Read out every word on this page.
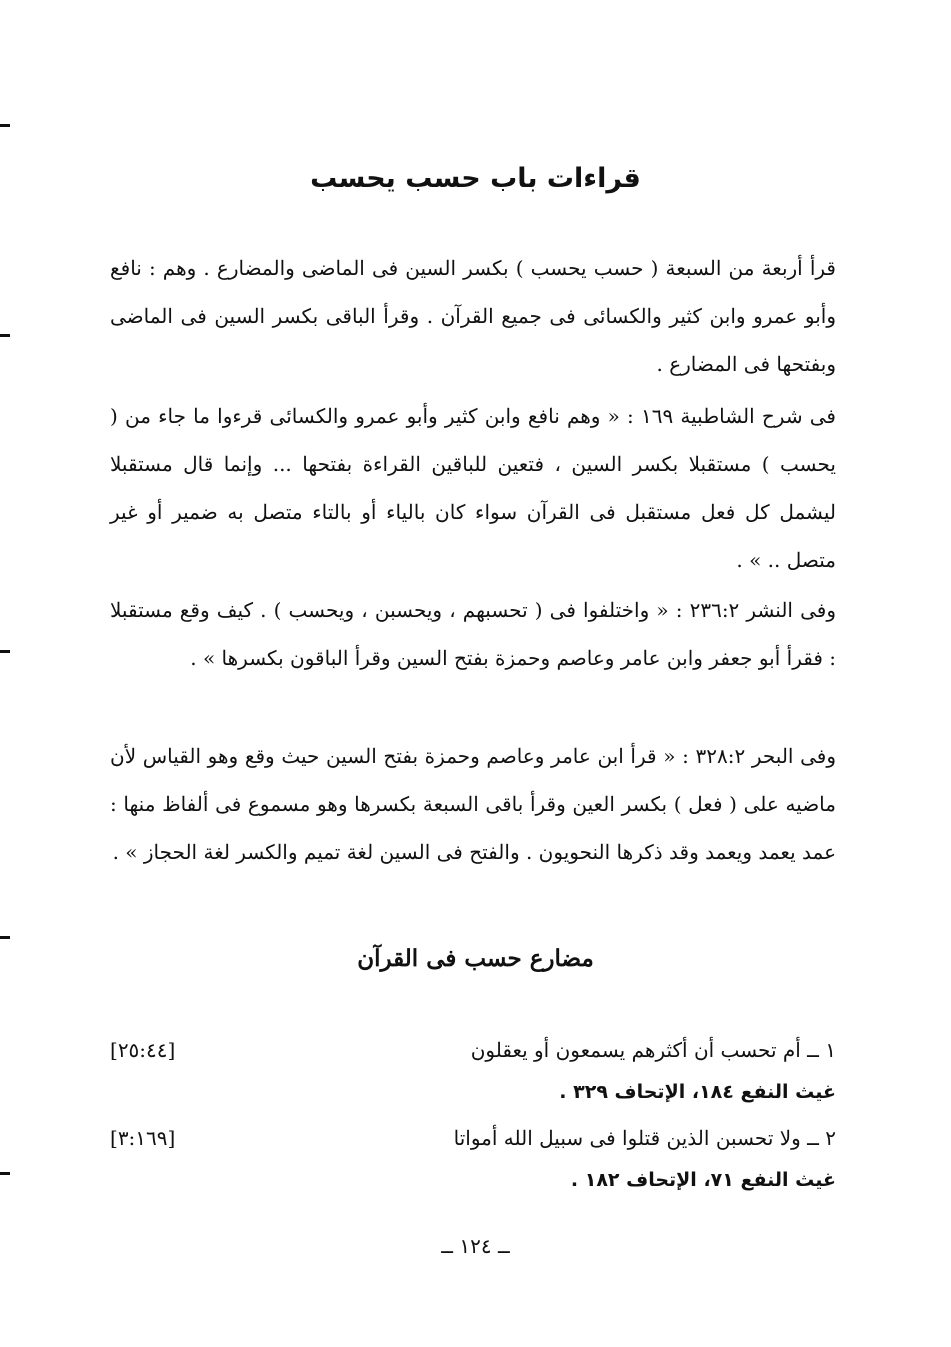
قراءات باب حسب يحسب

قرأ أربعة من السبعة ( حسب يحسب ) بكسر السين فى الماضى والمضارع . وهم : نافع وأبو عمرو وابن كثير والكسائى فى جميع القرآن . وقرأ الباقى بكسر السين فى الماضى وبفتحها فى المضارع .

فى شرح الشاطبية ١٦٩ : « وهم نافع وابن كثير وأبو عمرو والكسائى قرءوا ما جاء من ( يحسب ) مستقبلا بكسر السين ، فتعين للباقين القراءة بفتحها ... وإنما قال مستقبلا ليشمل كل فعل مستقبل فى القرآن سواء كان بالياء أو بالتاء متصل به ضمير أو غير متصل .. » .

وفى النشر ٢٣٦:٢ : « واختلفوا فى ( تحسبهم ، ويحسبن ، ويحسب ) . كيف وقع مستقبلا : فقرأ أبو جعفر وابن عامر وعاصم وحمزة بفتح السين وقرأ الباقون بكسرها » .

وفى البحر ٣٢٨:٢ : « قرأ ابن عامر وعاصم وحمزة بفتح السين حيث وقع وهو القياس لأن ماضيه على ( فعل ) بكسر العين وقرأ باقى السبعة بكسرها وهو مسموع فى ألفاظ منها : عمد يعمد ويعمد وقد ذكرها النحويون . والفتح فى السين لغة تميم والكسر لغة الحجاز » .

مضارع حسب فى القرآن
١ ــ أم تحسب أن أكثرهم يسمعون أو يعقلون
[٢٥:٤٤]
غيث النفع ١٨٤، الإتحاف ٣٢٩ .
٢ ــ ولا تحسبن الذين قتلوا فى سبيل الله أمواتا
[٣:١٦٩]
غيث النفع ٧١، الإتحاف ١٨٢ .
ــ ١٢٤ ــ
